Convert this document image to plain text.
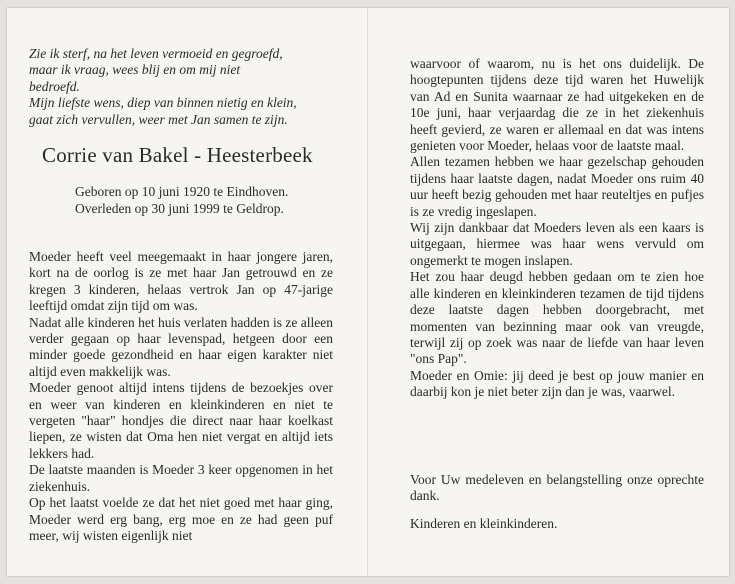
Zie ik sterf, na het leven vermoeid en gegroefd,

maar ik vraag, wees blij en om mij niet

bedroefd.

Mijn liefste wens, diep van binnen nietig en klein,

gaat zich vervullen, weer met Jan samen te zijn.

Corrie van Bakel - Heesterbeek
Geboren op 10 juni 1920 te Eindhoven.
Overleden op 30 juni 1999 te Geldrop.

Moeder heeft veel meegemaakt in haar jongere jaren, kort na de oorlog is ze met haar Jan getrouwd en ze kregen 3 kinderen, helaas vertrok Jan op 47-jarige leeftijd omdat zijn tijd om was.

Nadat alle kinderen het huis verlaten hadden is ze alleen verder gegaan op haar levenspad, hetgeen door een minder goede gezondheid en haar eigen karakter niet altijd even makkelijk was.

Moeder genoot altijd intens tijdens de bezoekjes over en weer van kinderen en kleinkinderen en niet te vergeten "haar" hondjes die direct naar haar koelkast liepen, ze wisten dat Oma hen niet vergat en altijd iets lekkers had.

De laatste maanden is Moeder 3 keer opgenomen in het ziekenhuis.

Op het laatst voelde ze dat het niet goed met haar ging, Moeder werd erg bang, erg moe en ze had geen puf meer, wij wisten eigenlijk niet

waarvoor of waarom, nu is het ons duidelijk. De hoogtepunten tijdens deze tijd waren het Huwelijk van Ad en Sunita waarnaar ze had uitgekeken en de 10e juni, haar verjaardag die ze in het ziekenhuis heeft gevierd, ze waren er allemaal en dat was intens genieten voor Moeder, helaas voor de laatste maal.

Allen tezamen hebben we haar gezelschap gehouden tijdens haar laatste dagen, nadat Moeder ons ruim 40 uur heeft bezig gehouden met haar reuteltjes en pufjes is ze vredig ingeslapen.

Wij zijn dankbaar dat Moeders leven als een kaars is uitgegaan, hiermee was haar wens vervuld om ongemerkt te mogen inslapen.

Het zou haar deugd hebben gedaan om te zien hoe alle kinderen en kleinkinderen tezamen de tijd tijdens deze laatste dagen hebben doorgebracht, met momenten van bezinning maar ook van vreugde, terwijl zij op zoek was naar de liefde van haar leven "ons Pap".

Moeder en Omie: jij deed je best op jouw manier en daarbij kon je niet beter zijn dan je was, vaarwel.

Voor Uw medeleven en belangstelling onze oprechte dank.
Kinderen en kleinkinderen.
